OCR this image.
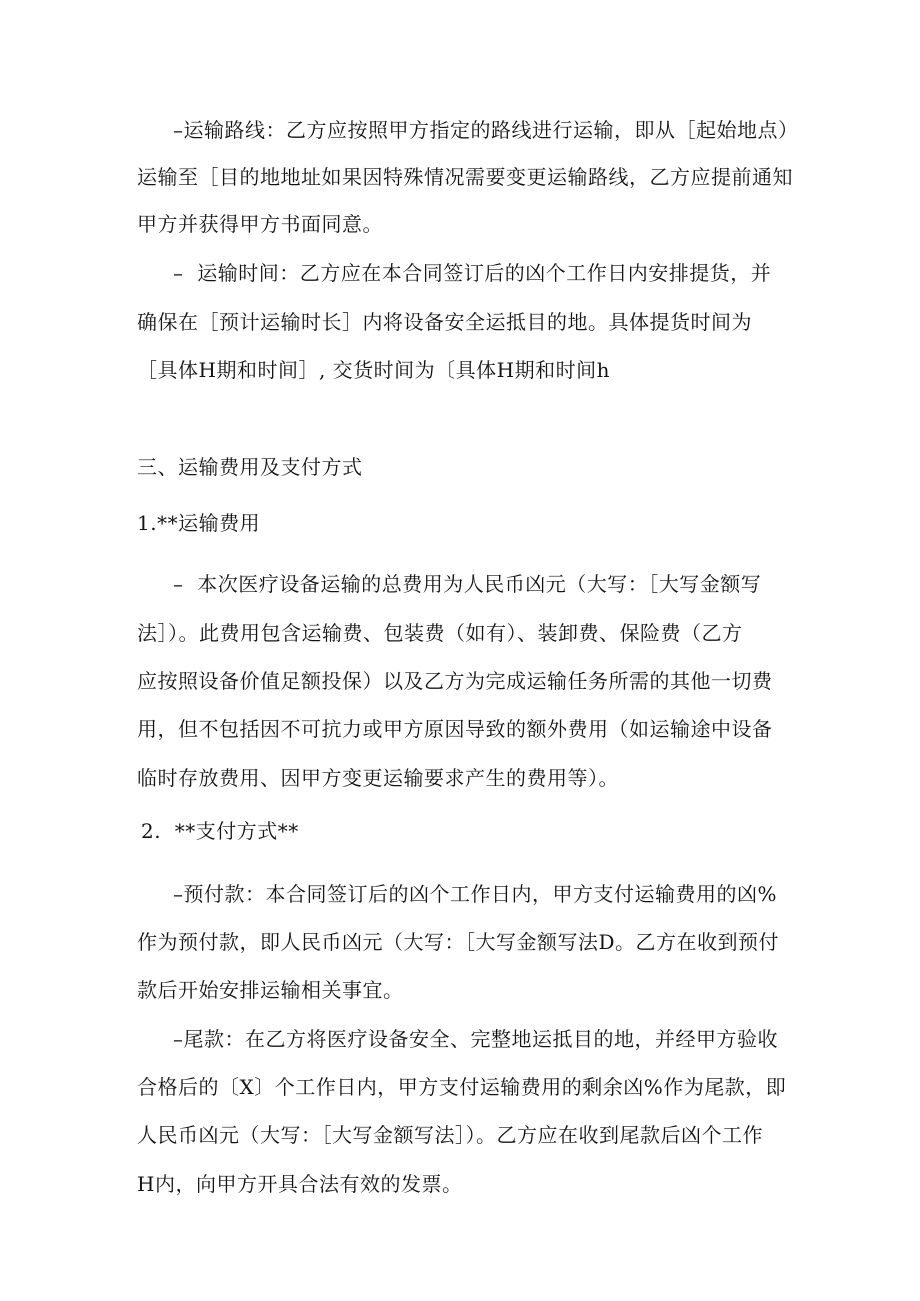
–运输路线：乙方应按照甲方指定的路线进行运输，即从［起始地点）
运输至［目的地地址如果因特殊情况需要变更运输路线，乙方应提前通知
甲方并获得甲方书面同意。
–  运输时间：乙方应在本合同签订后的凶个工作日内安排提货，并
确保在［预计运输时长］内将设备安全运抵目的地。具体提货时间为
［具体H期和时间］, 交货时间为〔具体H期和时间h
三、运输费用及支付方式
1.**运输费用
–  本次医疗设备运输的总费用为人民币凶元（大写：［大写金额写
法］）。此费用包含运输费、包装费（如有）、装卸费、保险费（乙方
应按照设备价值足额投保）以及乙方为完成运输任务所需的其他一切费
用，但不包括因不可抗力或甲方原因导致的额外费用（如运输途中设备
临时存放费用、因甲方变更运输要求产生的费用等）。
2.  **支付方式**
–预付款：本合同签订后的凶个工作日内，甲方支付运输费用的凶%
作为预付款，即人民币凶元（大写：［大写金额写法D。乙方在收到预付
款后开始安排运输相关事宜。
–尾款：在乙方将医疗设备安全、完整地运抵目的地，并经甲方验收
合格后的〔X〕个工作日内，甲方支付运输费用的剩余凶%作为尾款，即
人民币凶元（大写：［大写金额写法］）。乙方应在收到尾款后凶个工作
H内，向甲方开具合法有效的发票。
